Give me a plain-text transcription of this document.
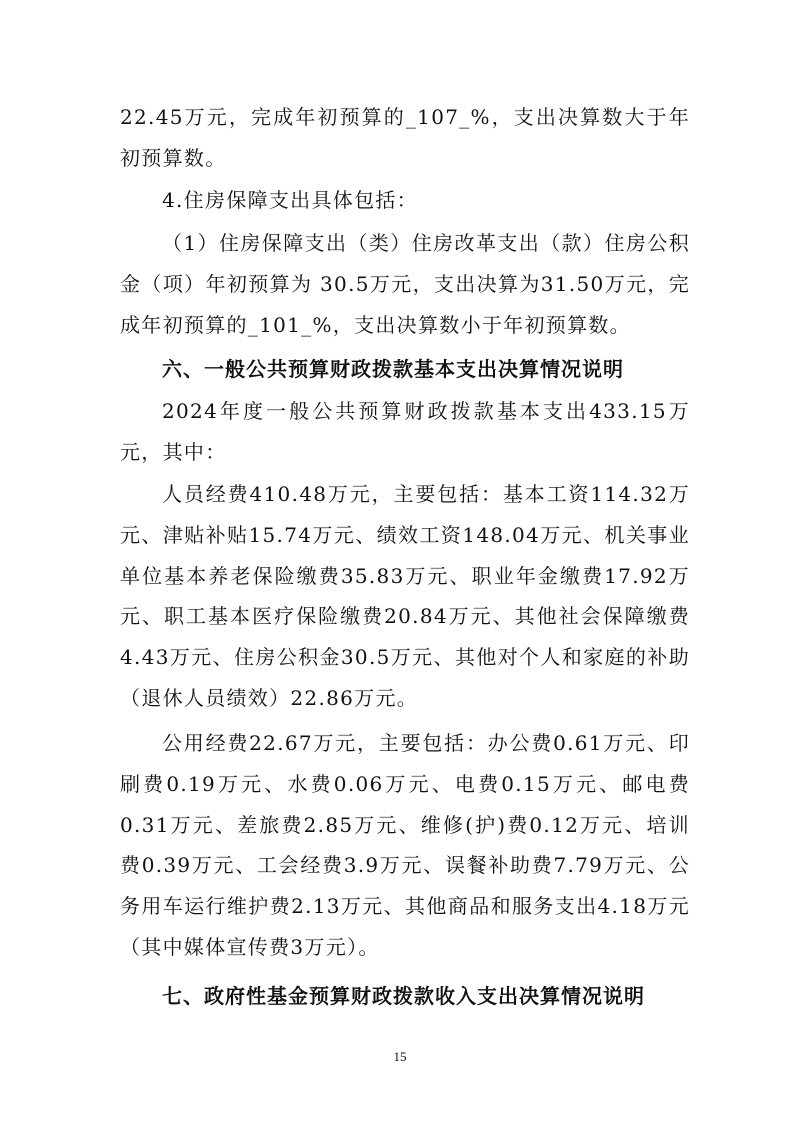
22.45万元，完成年初预算的_107_%，支出决算数大于年初预算数。

4.住房保障支出具体包括：

（1）住房保障支出（类）住房改革支出（款）住房公积金（项）年初预算为 30.5万元，支出决算为31.50万元，完成年初预算的_101_%，支出决算数小于年初预算数。

六、一般公共预算财政拨款基本支出决算情况说明

2024年度一般公共预算财政拨款基本支出433.15万元，其中：

人员经费410.48万元，主要包括：基本工资114.32万元、津贴补贴15.74万元、绩效工资148.04万元、机关事业单位基本养老保险缴费35.83万元、职业年金缴费17.92万元、职工基本医疗保险缴费20.84万元、其他社会保障缴费4.43万元、住房公积金30.5万元、其他对个人和家庭的补助（退休人员绩效）22.86万元。

公用经费22.67万元，主要包括：办公费0.61万元、印刷费0.19万元、水费0.06万元、电费0.15万元、邮电费0.31万元、差旅费2.85万元、维修(护)费0.12万元、培训费0.39万元、工会经费3.9万元、误餐补助费7.79万元、公务用车运行维护费2.13万元、其他商品和服务支出4.18万元（其中媒体宣传费3万元）。

七、政府性基金预算财政拨款收入支出决算情况说明
15
